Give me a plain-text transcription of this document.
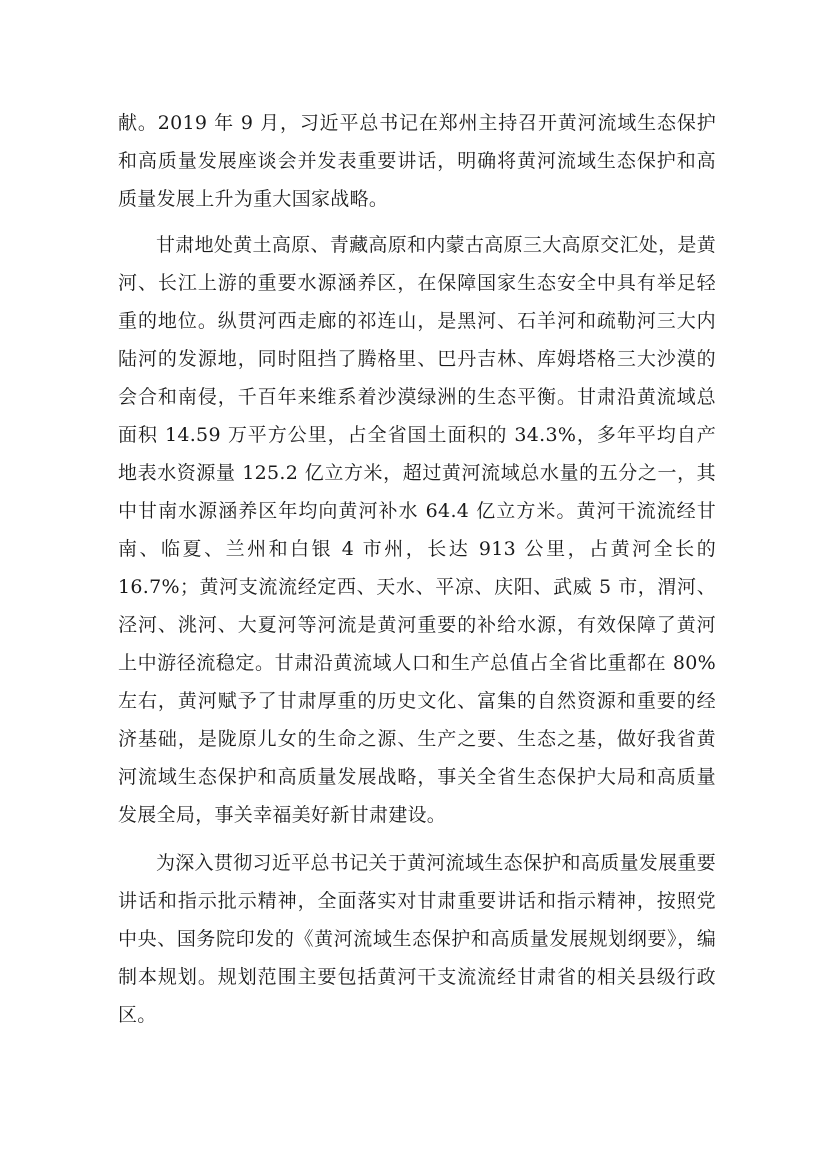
献。2019 年 9 月，习近平总书记在郑州主持召开黄河流域生态保护和高质量发展座谈会并发表重要讲话，明确将黄河流域生态保护和高质量发展上升为重大国家战略。

甘肃地处黄土高原、青藏高原和内蒙古高原三大高原交汇处，是黄河、长江上游的重要水源涵养区，在保障国家生态安全中具有举足轻重的地位。纵贯河西走廊的祁连山，是黑河、石羊河和疏勒河三大内陆河的发源地，同时阻挡了腾格里、巴丹吉林、库姆塔格三大沙漠的会合和南侵，千百年来维系着沙漠绿洲的生态平衡。甘肃沿黄流域总面积 14.59 万平方公里，占全省国土面积的 34.3%，多年平均自产地表水资源量 125.2 亿立方米，超过黄河流域总水量的五分之一，其中甘南水源涵养区年均向黄河补水 64.4 亿立方米。黄河干流流经甘南、临夏、兰州和白银 4 市州，长达 913 公里，占黄河全长的 16.7%；黄河支流流经定西、天水、平凉、庆阳、武威 5 市，渭河、泾河、洮河、大夏河等河流是黄河重要的补给水源，有效保障了黄河上中游径流稳定。甘肃沿黄流域人口和生产总值占全省比重都在 80%左右，黄河赋予了甘肃厚重的历史文化、富集的自然资源和重要的经济基础，是陇原儿女的生命之源、生产之要、生态之基，做好我省黄河流域生态保护和高质量发展战略，事关全省生态保护大局和高质量发展全局，事关幸福美好新甘肃建设。

为深入贯彻习近平总书记关于黄河流域生态保护和高质量发展重要讲话和指示批示精神，全面落实对甘肃重要讲话和指示精神，按照党中央、国务院印发的《黄河流域生态保护和高质量发展规划纲要》，编制本规划。规划范围主要包括黄河干支流流经甘肃省的相关县级行政区。
